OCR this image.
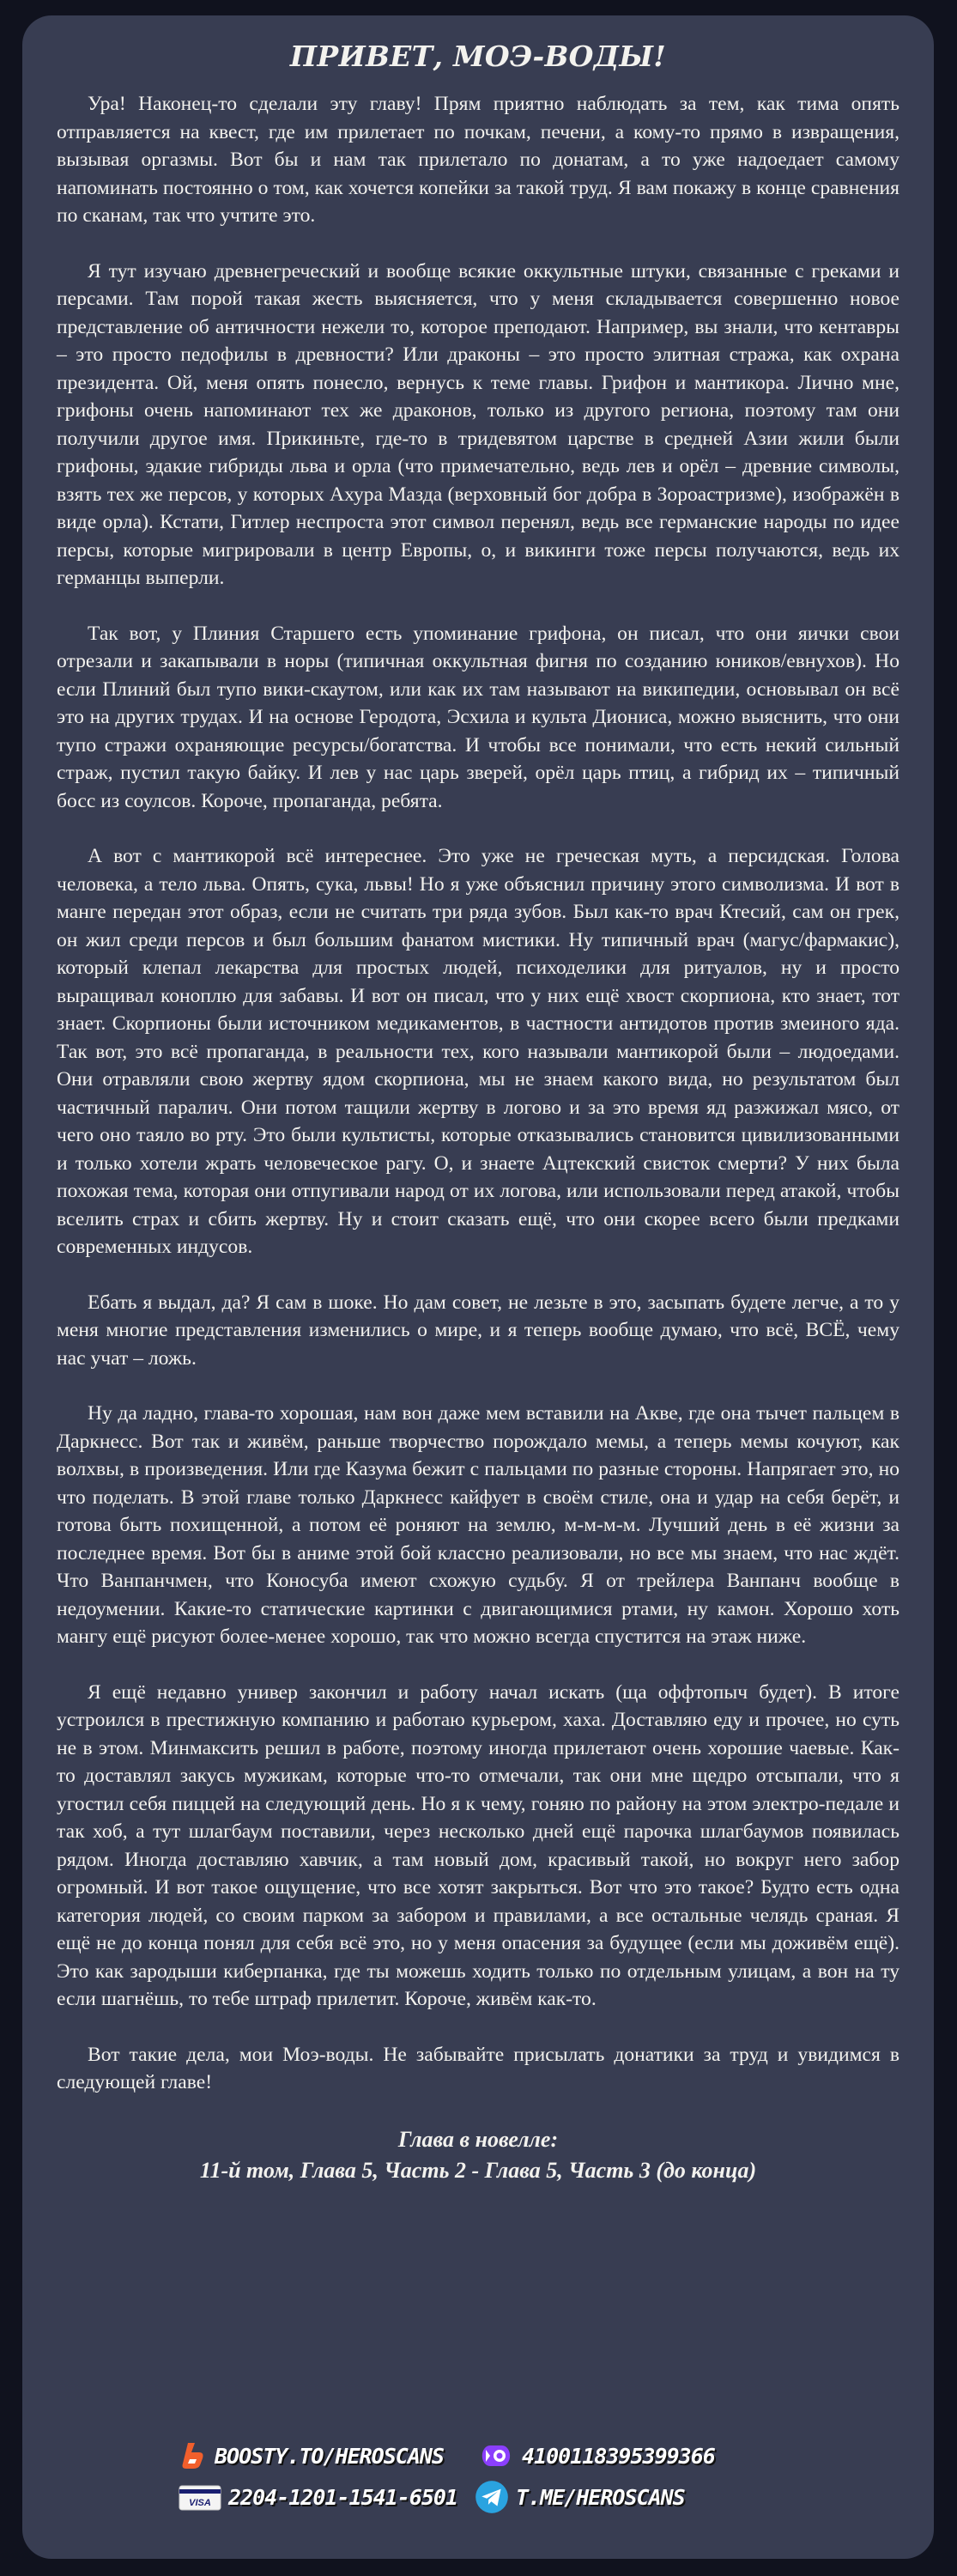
ПРИВЕТ, МОЭ-ВОДЫ!
Ура! Наконец-то сделали эту главу! Прям приятно наблюдать за тем, как тима опять отправляется на квест, где им прилетает по почкам, печени, а кому-то прямо в извращения, вызывая оргазмы. Вот бы и нам так прилетало по донатам, а то уже надоедает самому напоминать постоянно о том, как хочется копейки за такой труд. Я вам покажу в конце сравнения по сканам, так что учтите это.
Я тут изучаю древнегреческий и вообще всякие оккультные штуки, связанные с греками и персами. Там порой такая жесть выясняется, что у меня складывается совершенно новое представление об античности нежели то, которое преподают. Например, вы знали, что кентавры – это просто педофилы в древности? Или драконы – это просто элитная стража, как охрана президента. Ой, меня опять понесло, вернусь к теме главы. Грифон и мантикора. Лично мне, грифоны очень напоминают тех же драконов, только из другого региона, поэтому там они получили другое имя. Прикиньте, где-то в тридевятом царстве в средней Азии жили были грифоны, эдакие гибриды льва и орла (что примечательно, ведь лев и орёл – древние символы, взять тех же персов, у которых Ахура Мазда (верховный бог добра в Зороастризме), изображён в виде орла). Кстати, Гитлер неспроста этот символ перенял, ведь все германские народы по идее персы, которые мигрировали в центр Европы, о, и викинги тоже персы получаются, ведь их германцы выперли.
Так вот, у Плиния Старшего есть упоминание грифона, он писал, что они яички свои отрезали и закапывали в норы (типичная оккультная фигня по созданию юников/евнухов). Но если Плиний был тупо вики-скаутом, или как их там называют на википедии, основывал он всё это на других трудах. И на основе Геродота, Эсхила и культа Диониса, можно выяснить, что они тупо стражи охраняющие ресурсы/богатства. И чтобы все понимали, что есть некий сильный страж, пустил такую байку. И лев у нас царь зверей, орёл царь птиц, а гибрид их – типичный босс из соулсов. Короче, пропаганда, ребята.
А вот с мантикорой всё интереснее. Это уже не греческая муть, а персидская. Голова человека, а тело льва. Опять, сука, львы! Но я уже объяснил причину этого символизма. И вот в манге передан этот образ, если не считать три ряда зубов. Был как-то врач Ктесий, сам он грек, он жил среди персов и был большим фанатом мистики. Ну типичный врач (магус/фармакис), который клепал лекарства для простых людей, психоделики для ритуалов, ну и просто выращивал коноплю для забавы. И вот он писал, что у них ещё хвост скорпиона, кто знает, тот знает. Скорпионы были источником медикаментов, в частности антидотов против змеиного яда. Так вот, это всё пропаганда, в реальности тех, кого называли мантикорой были – людоедами. Они отравляли свою жертву ядом скорпиона, мы не знаем какого вида, но результатом был частичный паралич. Они потом тащили жертву в логово и за это время яд разжижал мясо, от чего оно таяло во рту. Это были культисты, которые отказывались становится цивилизованными и только хотели жрать человеческое рагу. О, и знаете Ацтекский свисток смерти? У них была похожая тема, которая они отпугивали народ от их логова, или использовали перед атакой, чтобы вселить страх и сбить жертву. Ну и стоит сказать ещё, что они скорее всего были предками современных индусов.
Ебать я выдал, да? Я сам в шоке. Но дам совет, не лезьте в это, засыпать будете легче, а то у меня многие представления изменились о мире, и я теперь вообще думаю, что всё, ВСЁ, чему нас учат – ложь.
Ну да ладно, глава-то хорошая, нам вон даже мем вставили на Акве, где она тычет пальцем в Даркнесс. Вот так и живём, раньше творчество порождало мемы, а теперь мемы кочуют, как волхвы, в произведения. Или где Казума бежит с пальцами по разные стороны. Напрягает это, но что поделать. В этой главе только Даркнесс кайфует в своём стиле, она и удар на себя берёт, и готова быть похищенной, а потом её роняют на землю, м-м-м-м. Лучший день в её жизни за последнее время. Вот бы в аниме этой бой классно реализовали, но все мы знаем, что нас ждёт. Что Ванпанчмен, что Коносуба имеют схожую судьбу. Я от трейлера Ванпанч вообще в недоумении. Какие-то статические картинки с двигающимися ртами, ну камон. Хорошо хоть мангу ещё рисуют более-менее хорошо, так что можно всегда спустится на этаж ниже.
Я ещё недавно универ закончил и работу начал искать (ща оффтопыч будет). В итоге устроился в престижную компанию и работаю курьером, хаха. Доставляю еду и прочее, но суть не в этом. Минмаксить решил в работе, поэтому иногда прилетают очень хорошие чаевые. Как-то доставлял закусь мужикам, которые что-то отмечали, так они мне щедро отсыпали, что я угостил себя пиццей на следующий день. Но я к чему, гоняю по району на этом электро-педале и так хоб, а тут шлагбаум поставили, через несколько дней ещё парочка шлагбаумов появилась рядом. Иногда доставляю хавчик, а там новый дом, красивый такой, но вокруг него забор огромный. И вот такое ощущение, что все хотят закрыться. Вот что это такое? Будто есть одна категория людей, со своим парком за забором и правилами, а все остальные челядь сраная. Я ещё не до конца понял для себя всё это, но у меня опасения за будущее (если мы доживём ещё). Это как зародыши киберпанка, где ты можешь ходить только по отдельным улицам, а вон на ту если шагнёшь, то тебе штраф прилетит. Короче, живём как-то.
Вот такие дела, мои Моэ-воды. Не забывайте присылать донатики за труд и увидимся в следующей главе!
Глава в новелле:
11-й том, Глава 5, Часть 2 - Глава 5, Часть 3 (до конца)
BOOSTY.TO/HEROSCANS	4100118395399366
VISA 2204-1201-1541-6501	T.ME/HEROSCANS
